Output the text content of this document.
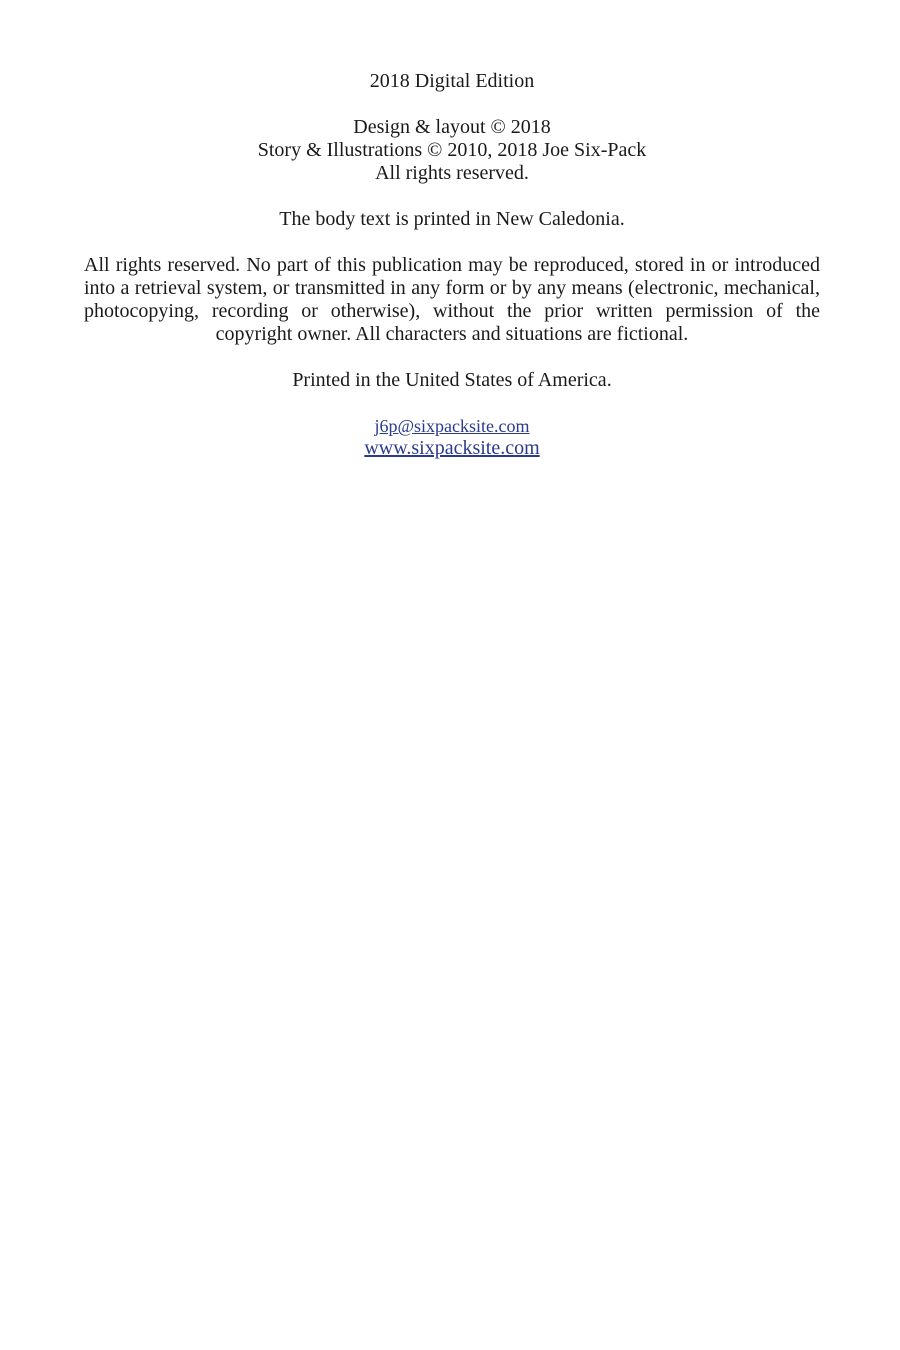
2018 Digital Edition

Design & layout © 2018
Story & Illustrations © 2010, 2018 Joe Six-Pack
All rights reserved.

The body text is printed in New Caledonia.

All rights reserved. No part of this publication may be reproduced, stored in or introduced into a retrieval system, or transmitted in any form or by any means (electronic, mechanical, photocopying, recording or otherwise), without the prior written permission of the copyright owner. All characters and situations are fictional.

Printed in the United States of America.

j6p@sixpacksite.com
www.sixpacksite.com
